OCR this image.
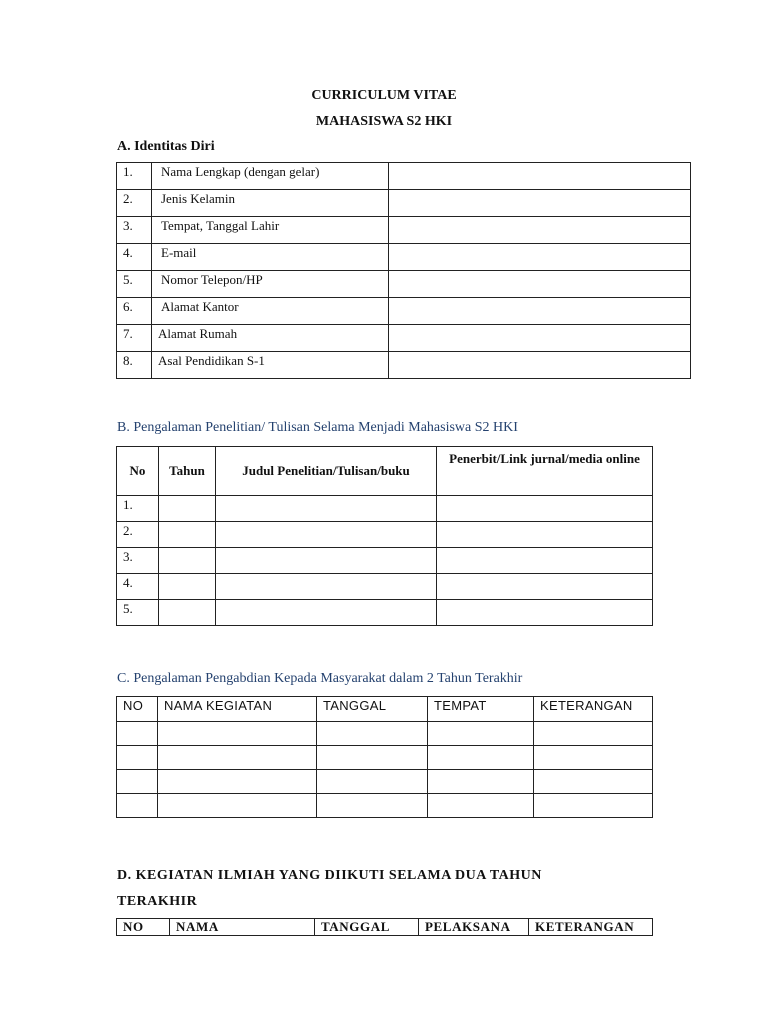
CURRICULUM VITAE
MAHASISWA S2 HKI
A. Identitas Diri
1.	Nama Lengkap (dengan gelar)	
2.	Jenis Kelamin	
3.	Tempat, Tanggal Lahir	
4.	E-mail	
5.	Nomor Telepon/HP	
6.	Alamat Kantor	
7.	Alamat Rumah	
8.	Asal Pendidikan S-1	
B. Pengalaman Penelitian/ Tulisan Selama Menjadi Mahasiswa S2 HKI
No	Tahun	Judul Penelitian/Tulisan/buku	Penerbit/Link jurnal/media online
1.			
2.			
3.			
4.			
5.			
C. Pengalaman Pengabdian Kepada Masyarakat dalam 2 Tahun Terakhir
NO	NAMA KEGIATAN	TANGGAL	TEMPAT	KETERANGAN

D. KEGIATAN ILMIAH YANG DIIKUTI SELAMA DUA TAHUN
TERAKHIR
NO	NAMA	TANGGAL	PELAKSANA	KETERANGAN
